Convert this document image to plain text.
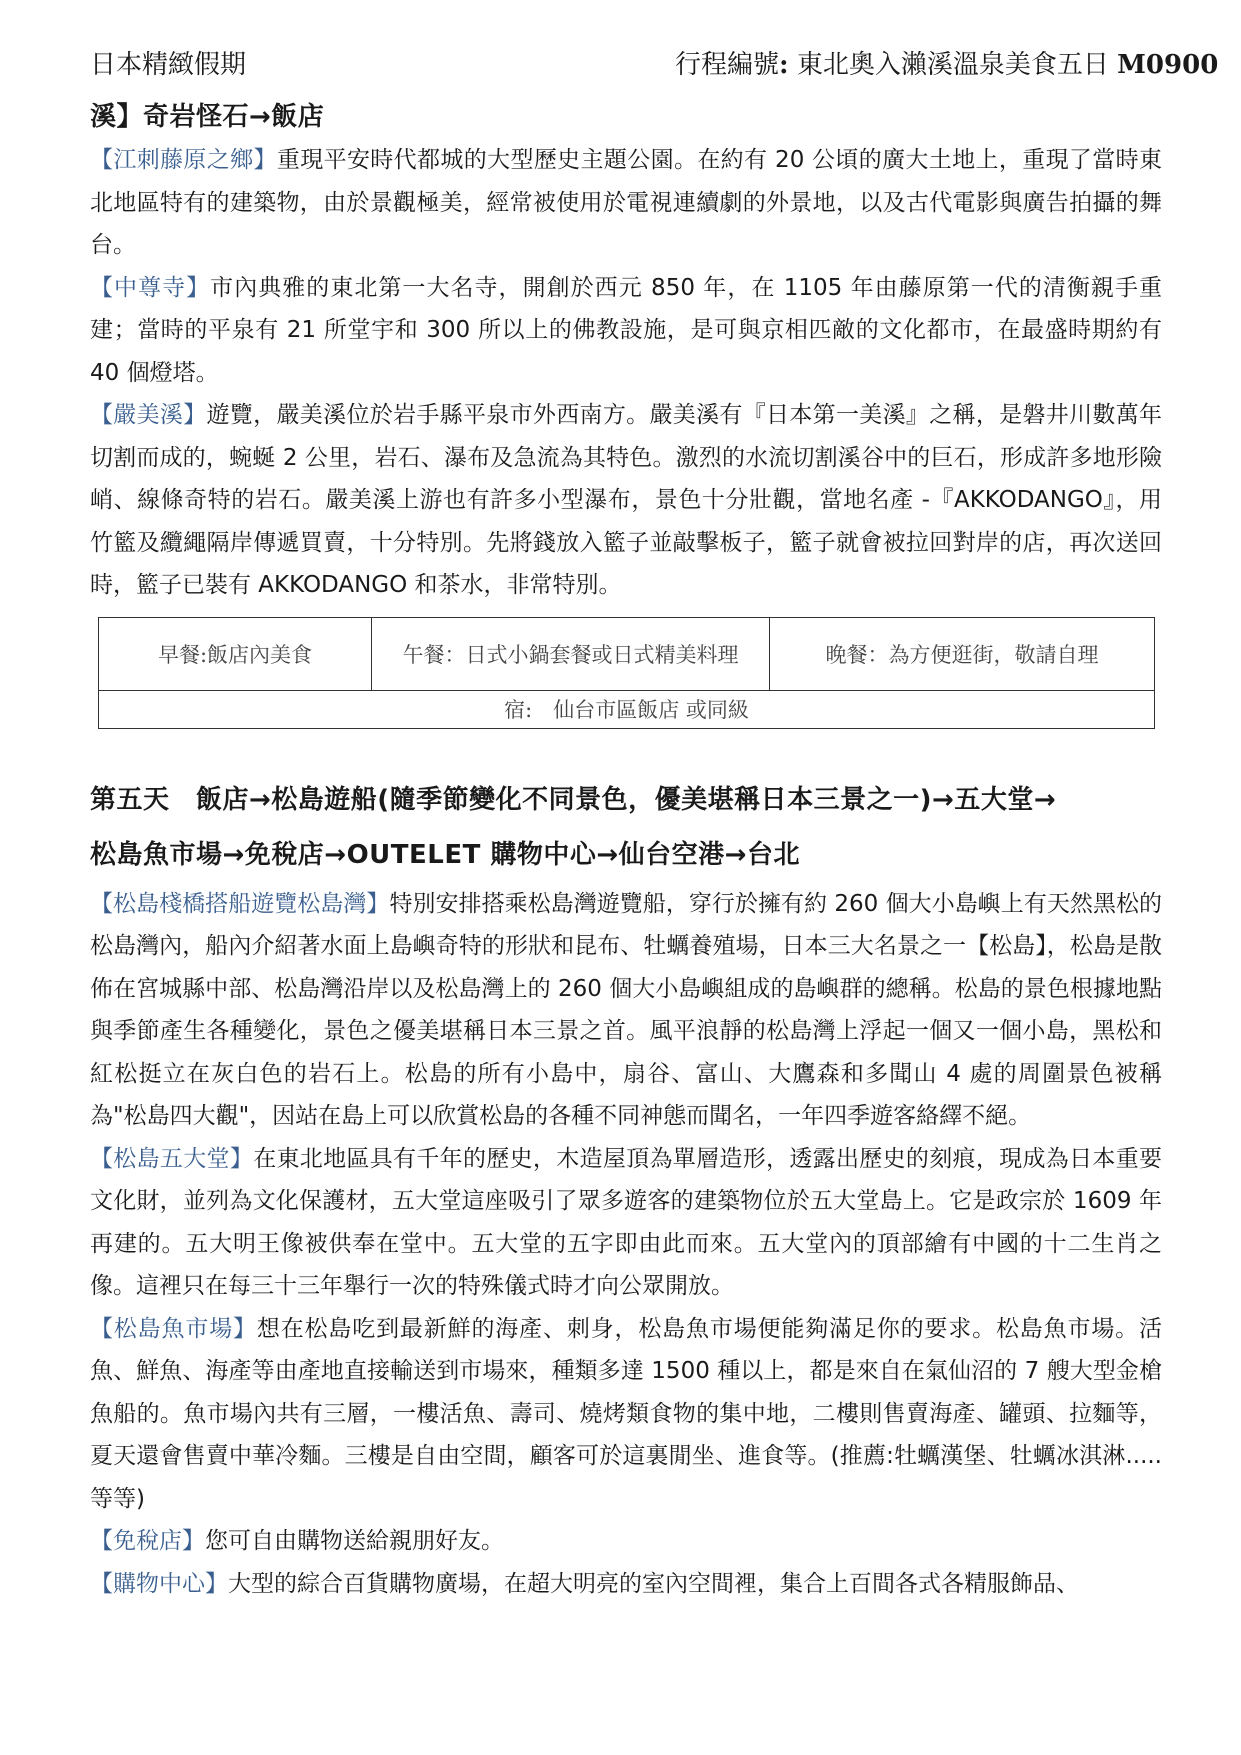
日本精緻假期	行程編號: 東北奧入瀨溪溫泉美食五日 M0900

溪】奇岩怪石→飯店

【江刺藤原之鄉】重現平安時代都城的大型歷史主題公園。在約有 20 公頃的廣大土地上，重現了當時東北地區特有的建築物，由於景觀極美，經常被使用於電視連續劇的外景地，以及古代電影與廣告拍攝的舞台。

【中尊寺】市內典雅的東北第一大名寺，開創於西元 850 年，在 1105 年由藤原第一代的清衡親手重建；當時的平泉有 21 所堂宇和 300 所以上的佛教設施，是可與京相匹敵的文化都市，在最盛時期約有 40 個燈塔。

【嚴美溪】遊覽，嚴美溪位於岩手縣平泉市外西南方。嚴美溪有『日本第一美溪』之稱，是磐井川數萬年切割而成的，蜿蜒 2 公里，岩石、瀑布及急流為其特色。激烈的水流切割溪谷中的巨石，形成許多地形險峭、線條奇特的岩石。嚴美溪上游也有許多小型瀑布，景色十分壯觀，當地名產 -『AKKODANGO』，用竹籃及纜繩隔岸傳遞買賣，十分特別。先將錢放入籃子並敲擊板子，籃子就會被拉回對岸的店，再次送回時，籃子已裝有 AKKODANGO 和茶水，非常特別。

早餐:飯店內美食	午餐：日式小鍋套餐或日式精美料理	晚餐：為方便逛街，敬請自理
宿:　仙台市區飯店 或同級

第五天　飯店→松島遊船(隨季節變化不同景色，優美堪稱日本三景之一)→五大堂→

松島魚市場→免稅店→OUTELET 購物中心→仙台空港→台北

【松島棧橋搭船遊覽松島灣】特別安排搭乘松島灣遊覽船，穿行於擁有約 260 個大小島嶼上有天然黑松的松島灣內，船內介紹著水面上島嶼奇特的形狀和昆布、牡蠣養殖場，日本三大名景之一【松島】，松島是散佈在宮城縣中部、松島灣沿岸以及松島灣上的 260 個大小島嶼組成的島嶼群的總稱。松島的景色根據地點與季節產生各種變化，景色之優美堪稱日本三景之首。風平浪靜的松島灣上浮起一個又一個小島，黑松和紅松挺立在灰白色的岩石上。松島的所有小島中，扇谷、富山、大鷹森和多聞山 4 處的周圍景色被稱為"松島四大觀"，因站在島上可以欣賞松島的各種不同神態而聞名，一年四季遊客絡繹不絕。

【松島五大堂】在東北地區具有千年的歷史，木造屋頂為單層造形，透露出歷史的刻痕，現成為日本重要文化財，並列為文化保護材，五大堂這座吸引了眾多遊客的建築物位於五大堂島上。它是政宗於 1609 年再建的。五大明王像被供奉在堂中。五大堂的五字即由此而來。五大堂內的頂部繪有中國的十二生肖之像。這裡只在每三十三年舉行一次的特殊儀式時才向公眾開放。

【松島魚市場】想在松島吃到最新鮮的海產、刺身，松島魚市場便能夠滿足你的要求。松島魚市場。活魚、鮮魚、海產等由產地直接輸送到市場來，種類多達 1500 種以上，都是來自在氣仙沼的 7 艘大型金槍魚船的。魚市場內共有三層，一樓活魚、壽司、燒烤類食物的集中地，二樓則售賣海產、罐頭、拉麵等，夏天還會售賣中華冷麵。三樓是自由空間，顧客可於這裏閒坐、進食等。(推薦:牡蠣漢堡、牡蠣冰淇淋.....等等)

【免稅店】您可自由購物送給親朋好友。

【購物中心】大型的綜合百貨購物廣場，在超大明亮的室內空間裡，集合上百間各式各精服飾品、
